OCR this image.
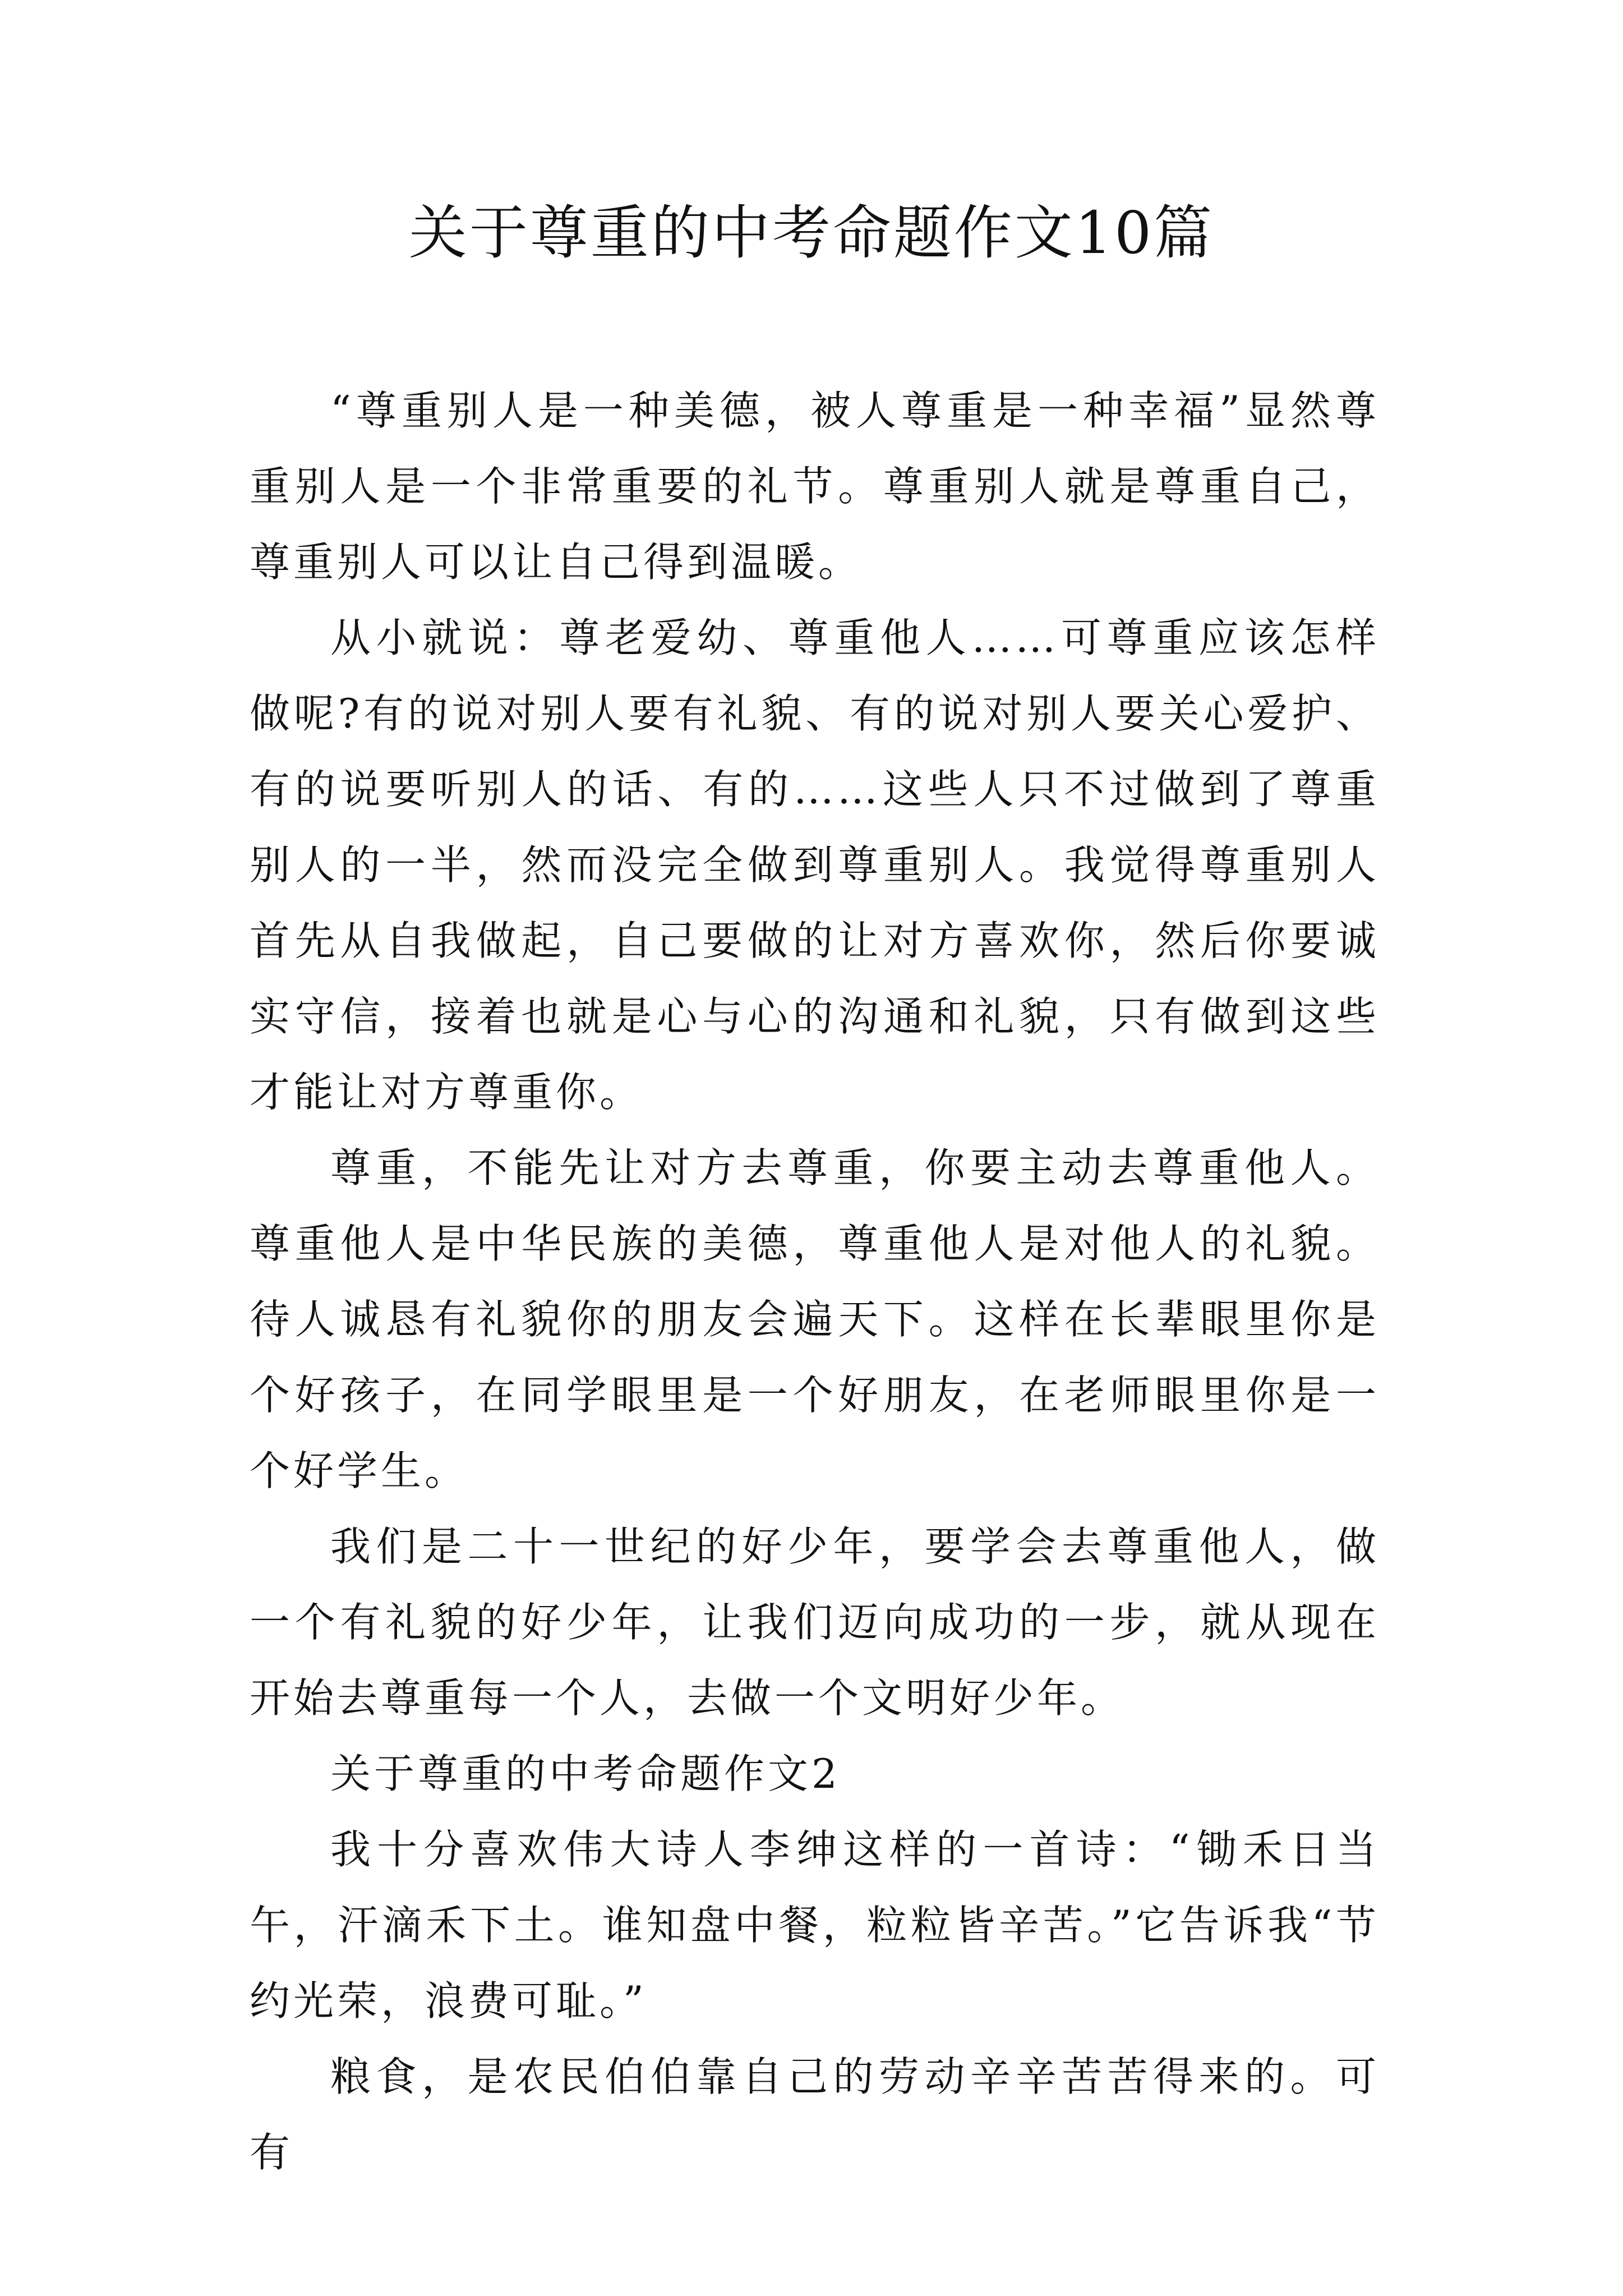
关于尊重的中考命题作文10篇

“尊重别人是一种美德，被人尊重是一种幸福”显然尊重别人是一个非常重要的礼节。尊重别人就是尊重自己，尊重别人可以让自己得到温暖。

从小就说：尊老爱幼、尊重他人……可尊重应该怎样做呢?有的说对别人要有礼貌、有的说对别人要关心爱护、有的说要听别人的话、有的……这些人只不过做到了尊重别人的一半，然而没完全做到尊重别人。我觉得尊重别人首先从自我做起，自己要做的让对方喜欢你，然后你要诚实守信，接着也就是心与心的沟通和礼貌，只有做到这些才能让对方尊重你。

尊重，不能先让对方去尊重，你要主动去尊重他人。尊重他人是中华民族的美德，尊重他人是对他人的礼貌。待人诚恳有礼貌你的朋友会遍天下。这样在长辈眼里你是个好孩子，在同学眼里是一个好朋友，在老师眼里你是一个好学生。

我们是二十一世纪的好少年，要学会去尊重他人，做一个有礼貌的好少年，让我们迈向成功的一步，就从现在开始去尊重每一个人，去做一个文明好少年。

关于尊重的中考命题作文2

我十分喜欢伟大诗人李绅这样的一首诗：“锄禾日当午，汗滴禾下土。谁知盘中餐，粒粒皆辛苦。”它告诉我“节约光荣，浪费可耻。”

粮食，是农民伯伯靠自己的劳动辛辛苦苦得来的。可有
